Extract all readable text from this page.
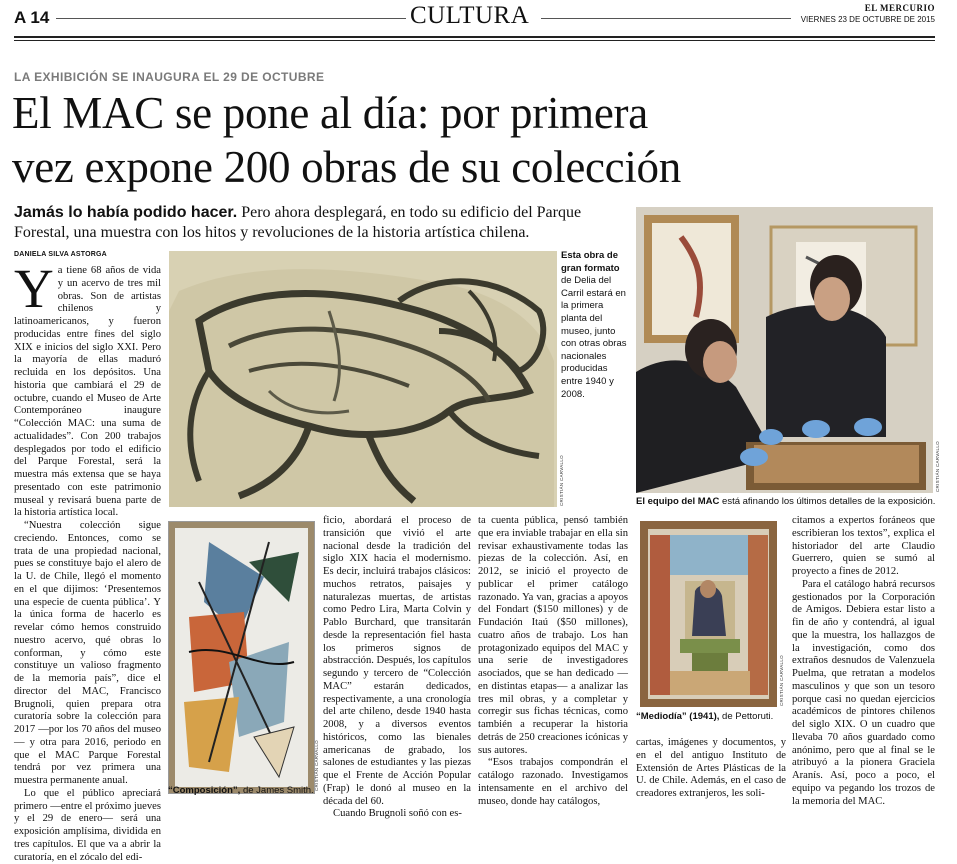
A 14	CULTURA	EL MERCURIO
VIERNES 23 DE OCTUBRE DE 2015
LA EXHIBICIÓN SE INAUGURA EL 29 DE OCTUBRE
El MAC se pone al día: por primera
vez expone 200 obras de su colección
Jamás lo había podido hacer. Pero ahora desplegará, en todo su edificio del Parque Forestal, una muestra con los hitos y revoluciones de la historia artística chilena.
DANIELA SILVA ASTORGA

Ya tiene 68 años de vida y un acervo de tres mil obras. Son de artistas chilenos y latinoamericanos, y fueron producidas entre fines del siglo XIX e inicios del siglo XXI. Pero la mayoría de ellas maduró recluida en los depósitos. Una historia que cambiará el 29 de octubre, cuando el Museo de Arte Contemporáneo inaugure “Colección MAC: una suma de actualidades”. Con 200 trabajos desplegados por todo el edificio del Parque Forestal, será la muestra más extensa que se haya presentado con este patrimonio museal y revisará buena parte de la historia artística local.

“Nuestra colección sigue creciendo. Entonces, como se trata de una propiedad nacional, pues se constituye bajo el alero de la U. de Chile, llegó el momento en el que dijimos: ‘Presentemos una especie de cuenta pública’. Y la única forma de hacerlo es revelar cómo hemos construido nuestro acervo, qué obras lo conforman, y cómo este constituye un valioso fragmento de la memoria país”, dice el director del MAC, Francisco Brugnoli, quien prepara otra curatoría sobre la colección para 2017 —por los 70 años del museo— y otra para 2016, periodo en que el MAC Parque Forestal tendrá por vez primera una muestra permanente anual.

Lo que el público apreciará primero —entre el próximo jueves y el 29 de enero— será una exposición amplísima, dividida en tres capítulos. El que va a abrir la curatoría, en el zócalo del edi-

CRISTIÁN CARVALLO
Esta obra de gran formato de Delia del Carril estará en la primera planta del museo, junto con otras obras nacionales producidas entre 1940 y 2008.
CRISTIÁN CARVALLO
El equipo del MAC está afinando los últimos detalles de la exposición.
CRISTIÁN CARVALLO
“Composición”, de James Smith.

ficio, abordará el proceso de transición que vivió el arte nacional desde la tradición del siglo XIX hacia el modernismo. Es decir, incluirá trabajos clásicos: muchos retratos, paisajes y naturalezas muertas, de artistas como Pedro Lira, Marta Colvin y Pablo Burchard, que transitarán desde la representación fiel hasta los primeros signos de abstracción. Después, los capítulos segundo y tercero de “Colección MAC” estarán dedicados, respectivamente, a una cronología del arte chileno, desde 1940 hasta 2008, y a diversos eventos históricos, como las bienales americanas de grabado, los salones de estudiantes y las piezas que el Frente de Acción Popular (Frap) le donó al museo en la década del 60.

Cuando Brugnoli soñó con es-

ta cuenta pública, pensó también que era inviable trabajar en ella sin revisar exhaustivamente todas las piezas de la colección. Así, en 2012, se inició el proyecto de publicar el primer catálogo razonado. Ya van, gracias a apoyos del Fondart ($150 millones) y de Fundación Itaú ($50 millones), cuatro años de trabajo. Los han protagonizado equipos del MAC y una serie de investigadores asociados, que se han dedicado —en distintas etapas— a analizar las tres mil obras, y a completar y corregir sus fichas técnicas, como también a recuperar la historia detrás de 250 creaciones icónicas y sus autores.

“Esos trabajos compondrán el catálogo razonado. Investigamos intensamente en el archivo del museo, donde hay catálogos,

CRISTIÁN CARVALLO
“Mediodía” (1941), de Pettoruti.

cartas, imágenes y documentos, y en el del antiguo Instituto de Extensión de Artes Plásticas de la U. de Chile. Además, en el caso de creadores extranjeros, les soli-

citamos a expertos foráneos que escribieran los textos”, explica el historiador del arte Claudio Guerrero, quien se sumó al proyecto a fines de 2012.

Para el catálogo habrá recursos gestionados por la Corporación de Amigos. Debiera estar listo a fin de año y contendrá, al igual que la muestra, los hallazgos de la investigación, como dos extraños desnudos de Valenzuela Puelma, que retratan a modelos masculinos y que son un tesoro porque casi no quedan ejercicios académicos de pintores chilenos del siglo XIX. O un cuadro que llevaba 70 años guardado como anónimo, pero que al final se le atribuyó a la pionera Graciela Aranís. Así, poco a poco, el equipo va pegando los trozos de la memoria del MAC.
